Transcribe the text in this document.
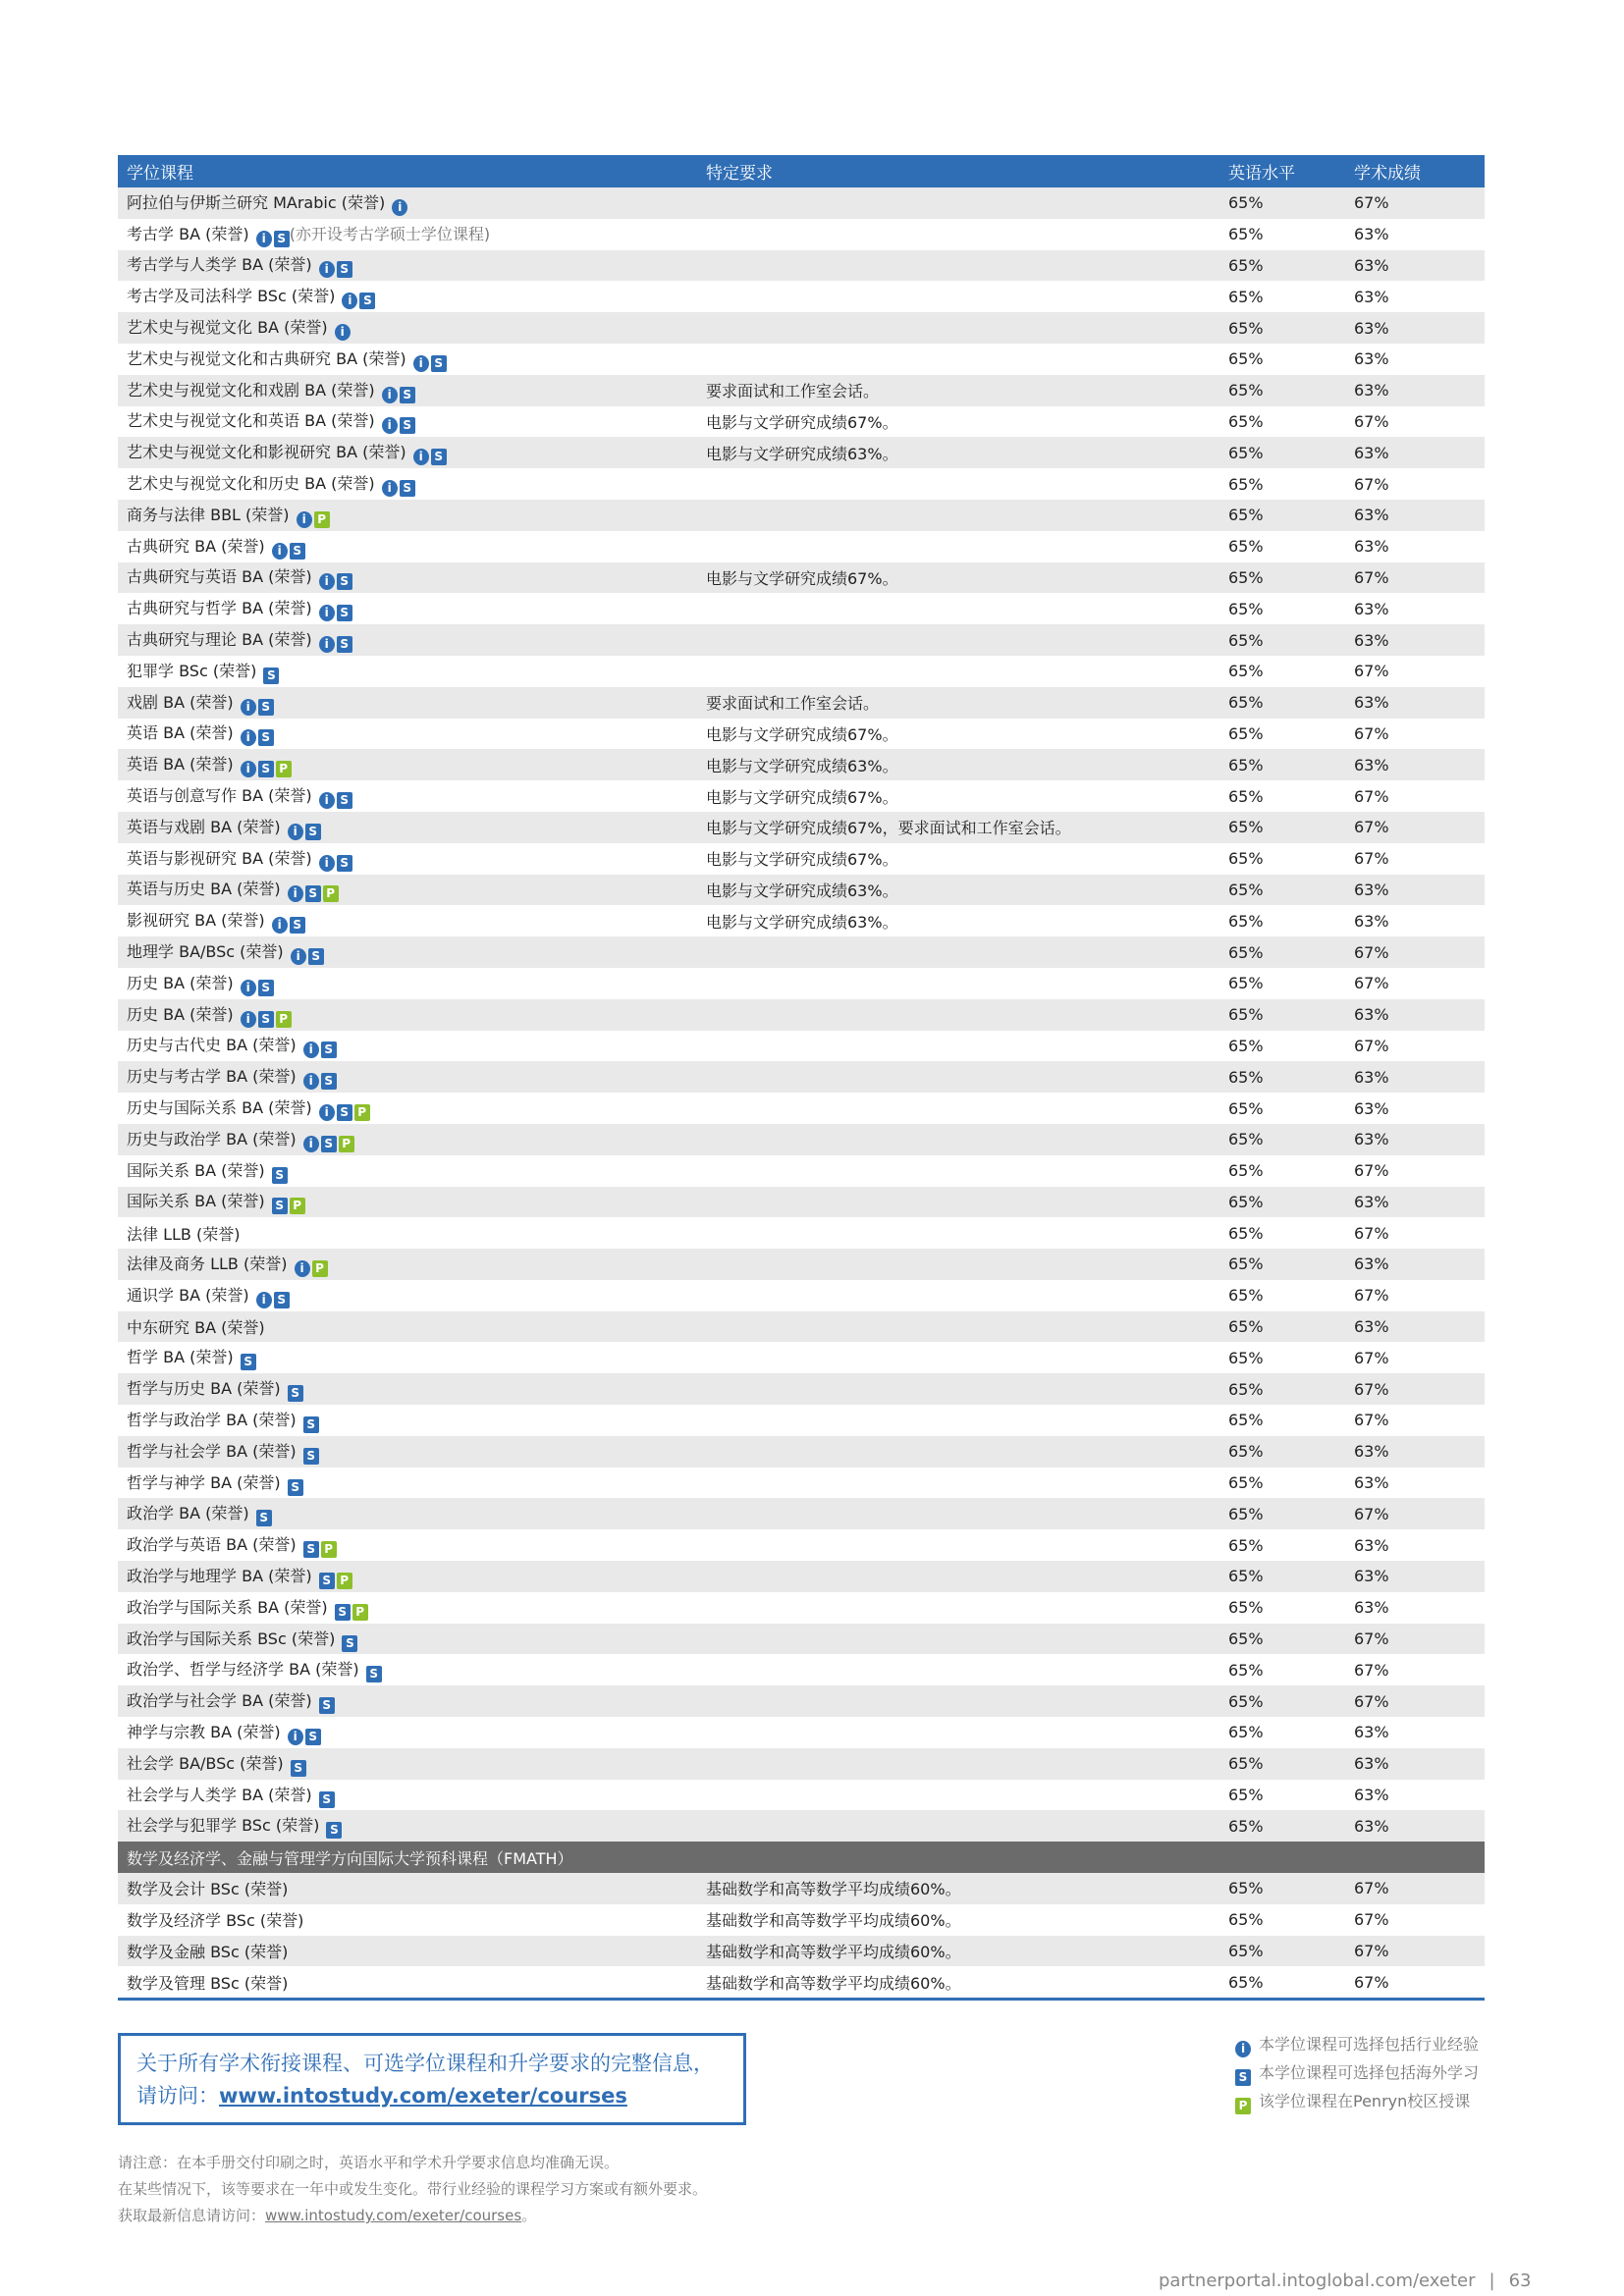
学位课程	特定要求	英语水平	学术成绩
阿拉伯与伊斯兰研究 MArabic (荣誉) i		65%	67%
考古学 BA (荣誉) i S (亦开设考古学硕士学位课程)		65%	63%
考古学与人类学 BA (荣誉) i S		65%	63%
考古学及司法科学 BSc (荣誉) i S		65%	63%
艺术史与视觉文化 BA (荣誉) i		65%	63%
艺术史与视觉文化和古典研究 BA (荣誉) i S		65%	63%
艺术史与视觉文化和戏剧 BA (荣誉) i S	要求面试和工作室会话。	65%	63%
艺术史与视觉文化和英语 BA (荣誉) i S	电影与文学研究成绩67%。	65%	67%
艺术史与视觉文化和影视研究 BA (荣誉) i S	电影与文学研究成绩63%。	65%	63%
艺术史与视觉文化和历史 BA (荣誉) i S		65%	67%
商务与法律 BBL (荣誉) i P		65%	63%
古典研究 BA (荣誉) i S		65%	63%
古典研究与英语 BA (荣誉) i S	电影与文学研究成绩67%。	65%	67%
古典研究与哲学 BA (荣誉) i S		65%	63%
古典研究与理论 BA (荣誉) i S		65%	63%
犯罪学 BSc (荣誉) S		65%	67%
戏剧 BA (荣誉) i S	要求面试和工作室会话。	65%	63%
英语 BA (荣誉) i S	电影与文学研究成绩67%。	65%	67%
英语 BA (荣誉) i S P	电影与文学研究成绩63%。	65%	63%
英语与创意写作 BA (荣誉) i S	电影与文学研究成绩67%。	65%	67%
英语与戏剧 BA (荣誉) i S	电影与文学研究成绩67%，要求面试和工作室会话。	65%	67%
英语与影视研究 BA (荣誉) i S	电影与文学研究成绩67%。	65%	67%
英语与历史 BA (荣誉) i S P	电影与文学研究成绩63%。	65%	63%
影视研究 BA (荣誉) i S	电影与文学研究成绩63%。	65%	63%
地理学 BA/BSc (荣誉) i S		65%	67%
历史 BA (荣誉) i S		65%	67%
历史 BA (荣誉) i S P		65%	63%
历史与古代史 BA (荣誉) i S		65%	67%
历史与考古学 BA (荣誉) i S		65%	63%
历史与国际关系 BA (荣誉) i S P		65%	63%
历史与政治学 BA (荣誉) i S P		65%	63%
国际关系 BA (荣誉) S		65%	67%
国际关系 BA (荣誉) S P		65%	63%
法律 LLB (荣誉)		65%	67%
法律及商务 LLB (荣誉) i P		65%	63%
通识学 BA (荣誉) i S		65%	67%
中东研究 BA (荣誉)		65%	63%
哲学 BA (荣誉) S		65%	67%
哲学与历史 BA (荣誉) S		65%	67%
哲学与政治学 BA (荣誉) S		65%	67%
哲学与社会学 BA (荣誉) S		65%	63%
哲学与神学 BA (荣誉) S		65%	63%
政治学 BA (荣誉) S		65%	67%
政治学与英语 BA (荣誉) S P		65%	63%
政治学与地理学 BA (荣誉) S P		65%	63%
政治学与国际关系 BA (荣誉) S P		65%	63%
政治学与国际关系 BSc (荣誉) S		65%	67%
政治学、哲学与经济学 BA (荣誉) S		65%	67%
政治学与社会学 BA (荣誉) S		65%	67%
神学与宗教 BA (荣誉) i S		65%	63%
社会学 BA/BSc (荣誉) S		65%	63%
社会学与人类学 BA (荣誉) S		65%	63%
社会学与犯罪学 BSc (荣誉) S		65%	63%
数学及经济学、金融与管理学方向国际大学预科课程（FMATH）			
数学及会计 BSc (荣誉)	基础数学和高等数学平均成绩60%。	65%	67%
数学及经济学 BSc (荣誉)	基础数学和高等数学平均成绩60%。	65%	67%
数学及金融 BSc (荣誉)	基础数学和高等数学平均成绩60%。	65%	67%
数学及管理 BSc (荣誉)	基础数学和高等数学平均成绩60%。	65%	67%
关于所有学术衔接课程、可选学位课程和升学要求的完整信息，
请访问：www.intostudy.com/exeter/courses
i 本学位课程可选择包括行业经验
S 本学位课程可选择包括海外学习
P 该学位课程在Penryn校区授课
请注意：在本手册交付印刷之时，英语水平和学术升学要求信息均准确无误。
在某些情况下，该等要求在一年中或发生变化。带行业经验的课程学习方案或有额外要求。
获取最新信息请访问：www.intostudy.com/exeter/courses。
partnerportal.intoglobal.com/exeter | 63
